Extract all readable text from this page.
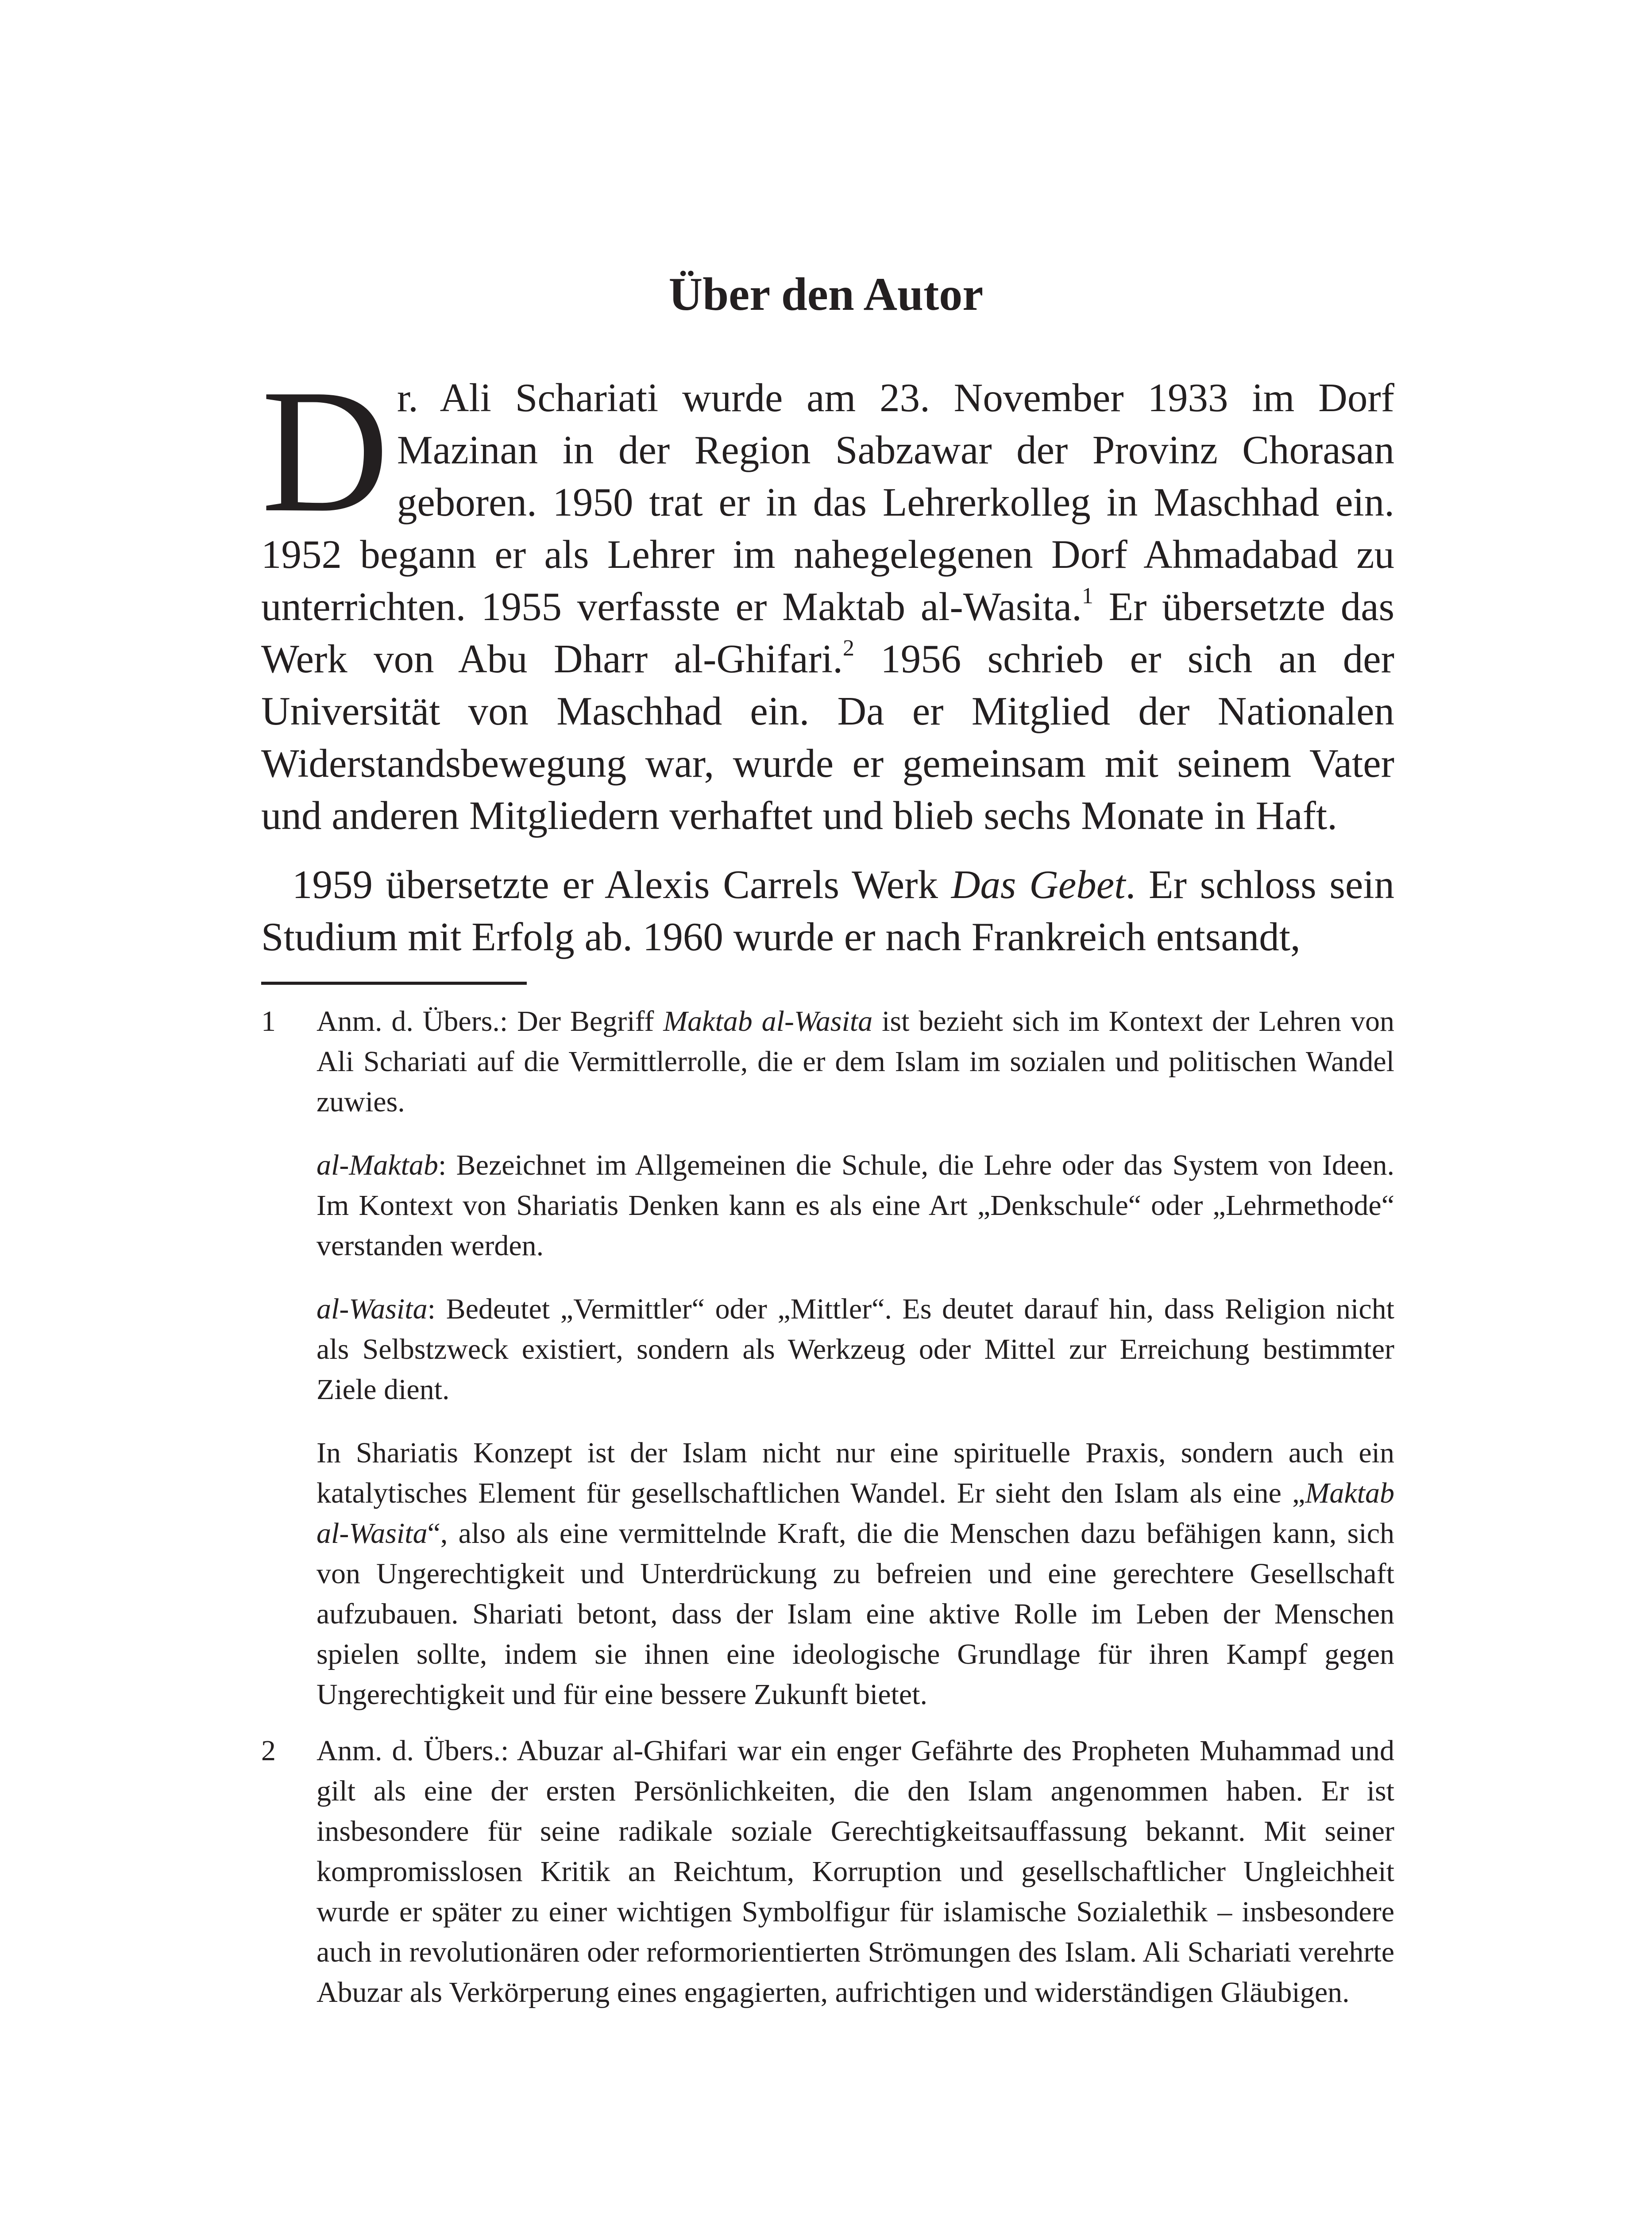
Über den Autor

Dr. Ali Schariati wurde am 23. November 1933 im Dorf Mazinan in der Region Sabzawar der Provinz Chorasan geboren. 1950 trat er in das Lehrerkolleg in Maschhad ein. 1952 begann er als Lehrer im nahegelegenen Dorf Ahmadabad zu unterrichten. 1955 verfasste er Maktab al-Wasita.$^1$ Er übersetzte das Werk von Abu Dharr al-Ghifari.$^2$ 1956 schrieb er sich an der Universität von Maschhad ein. Da er Mitglied der Nationalen Widerstandsbewegung war, wurde er gemeinsam mit seinem Vater und anderen Mitgliedern verhaftet und blieb sechs Monate in Haft.

1959 übersetzte er Alexis Carrels Werk Das Gebet. Er schloss sein Studium mit Erfolg ab. 1960 wurde er nach Frankreich entsandt,

1 Anm. d. Übers.: Der Begriff Maktab al-Wasita ist bezieht sich im Kontext der Lehren von Ali Schariati auf die Vermittlerrolle, die er dem Islam im sozialen und politischen Wandel zuwies.

al-Maktab: Bezeichnet im Allgemeinen die Schule, die Lehre oder das System von Ideen. Im Kontext von Shariatis Denken kann es als eine Art „Denkschule“ oder „Lehrmethode“ verstanden werden.

al-Wasita: Bedeutet „Vermittler“ oder „Mittler“. Es deutet darauf hin, dass Religion nicht als Selbstzweck existiert, sondern als Werkzeug oder Mittel zur Erreichung bestimmter Ziele dient.

In Shariatis Konzept ist der Islam nicht nur eine spirituelle Praxis, sondern auch ein katalytisches Element für gesellschaftlichen Wandel. Er sieht den Islam als eine „Maktab al-Wasita“, also als eine vermittelnde Kraft, die die Menschen dazu befähigen kann, sich von Ungerechtigkeit und Unterdrückung zu befreien und eine gerechtere Gesellschaft aufzubauen. Shariati betont, dass der Islam eine aktive Rolle im Leben der Menschen spielen sollte, indem sie ihnen eine ideologische Grundlage für ihren Kampf gegen Ungerechtigkeit und für eine bessere Zukunft bietet.

2 Anm. d. Übers.: Abuzar al-Ghifari war ein enger Gefährte des Propheten Muhammad und gilt als eine der ersten Persönlichkeiten, die den Islam angenommen haben. Er ist insbesondere für seine radikale soziale Gerechtigkeitsauffassung bekannt. Mit seiner kompromisslosen Kritik an Reichtum, Korruption und gesellschaftlicher Ungleichheit wurde er später zu einer wichtigen Symbolfigur für islamische Sozialethik – insbesondere auch in revolutionären oder reformorientierten Strömungen des Islam. Ali Schariati verehrte Abuzar als Verkörperung eines engagierten, aufrichtigen und widerständigen Gläubigen.
